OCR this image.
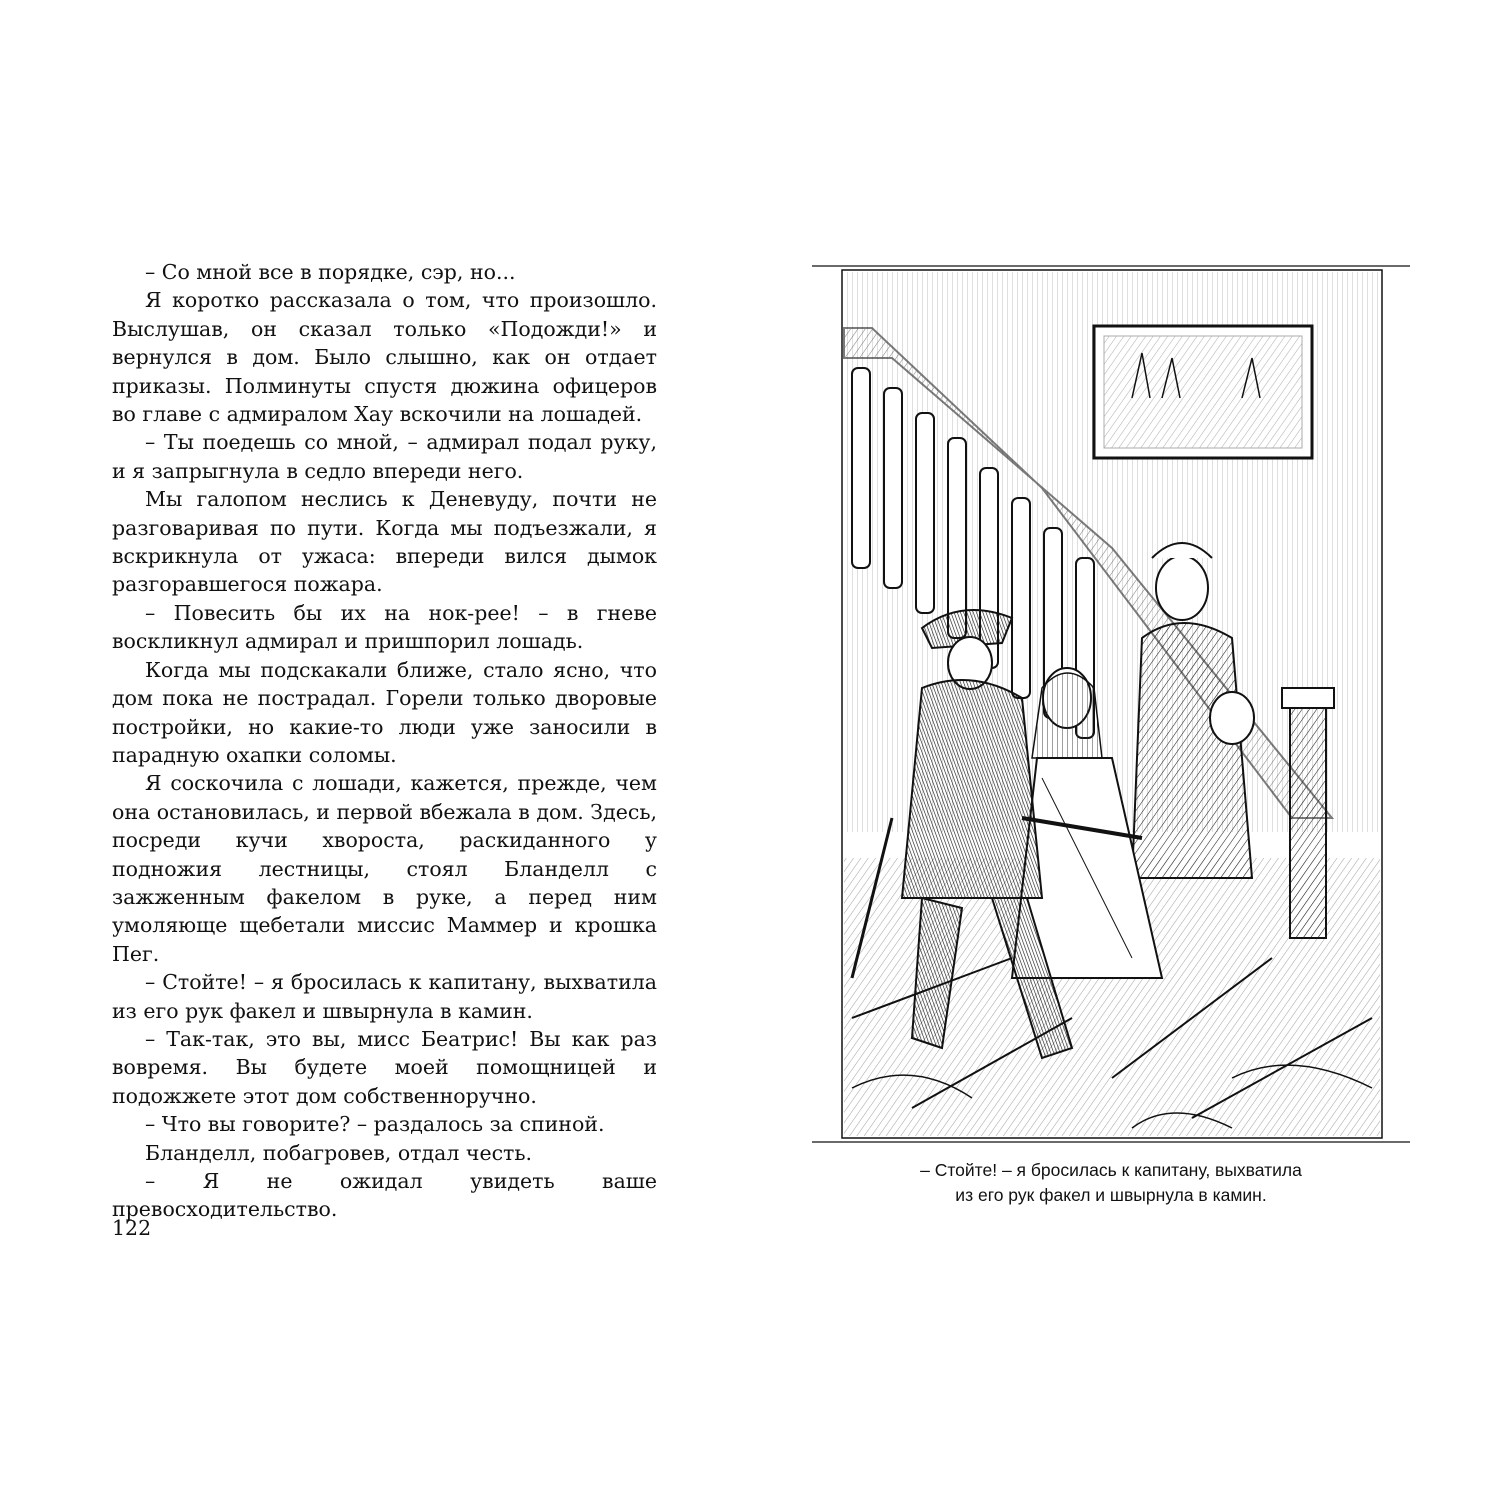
– Со мной все в порядке, сэр, но...

Я коротко рассказала о том, что произошло. Выслушав, он сказал только «Подожди!» и вернулся в дом. Было слышно, как он отдает приказы. Полминуты спустя дюжина офицеров во главе с адмиралом Хау вскочили на лошадей.

– Ты поедешь со мной, – адмирал подал руку, и я запрыгнула в седло впереди него.

Мы галопом неслись к Деневуду, почти не разговаривая по пути. Когда мы подъезжали, я вскрикнула от ужаса: впереди вился дымок разгоравшегося пожара.

– Повесить бы их на нок-рее! – в гневе воскликнул адмирал и пришпорил лошадь.

Когда мы подскакали ближе, стало ясно, что дом пока не пострадал. Горели только дворовые постройки, но какие-то люди уже заносили в парадную охапки соломы.

Я соскочила с лошади, кажется, прежде, чем она остановилась, и первой вбежала в дом. Здесь, посреди кучи хвороста, раскиданного у подножия лестницы, стоял Бланделл с зажженным факелом в руке, а перед ним умоляюще щебетали миссис Маммер и крошка Пег.

– Стойте! – я бросилась к капитану, выхватила из его рук факел и швырнула в камин.

– Так-так, это вы, мисс Беатрис! Вы как раз вовремя. Вы будете моей помощницей и подожжете этот дом собственноручно.

– Что вы говорите? – раздалось за спиной.

Бланделл, побагровев, отдал честь.

– Я не ожидал увидеть ваше превосходительство.

122
– Стойте! – я бросилась к капитану, выхватила
из его рук факел и швырнула в камин.
